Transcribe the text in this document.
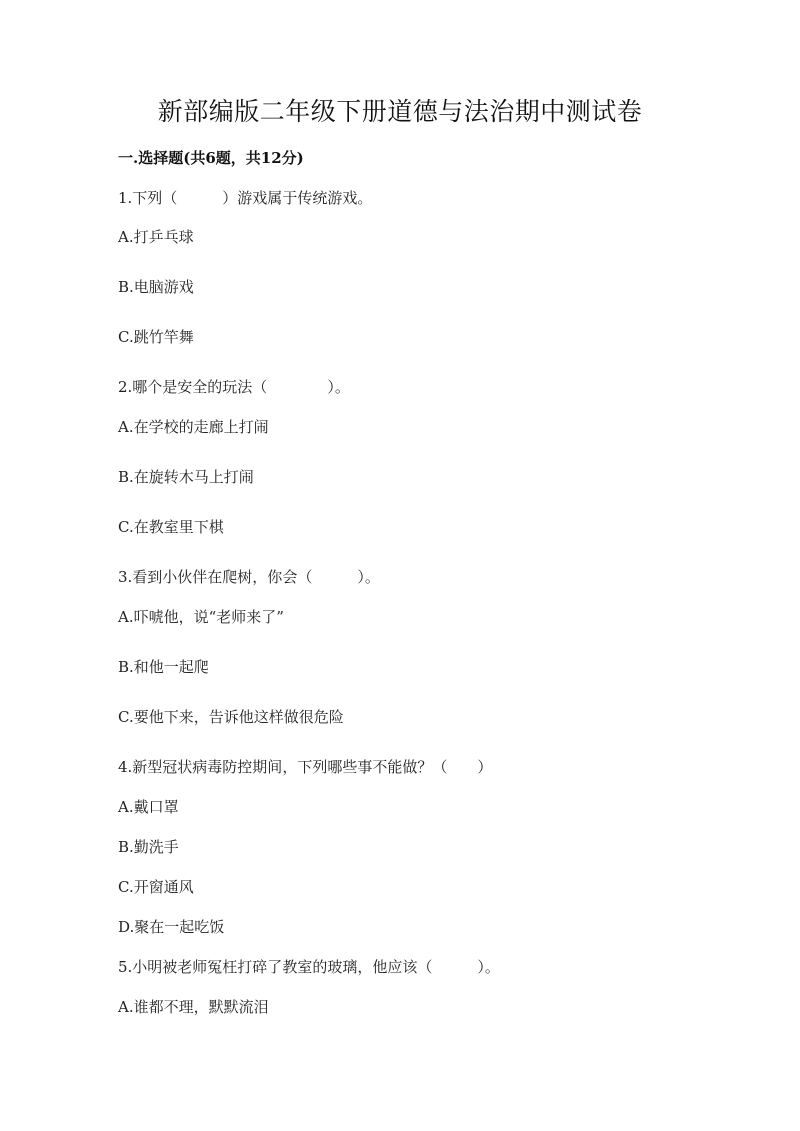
新部编版二年级下册道德与法治期中测试卷
一.选择题(共6题，共12分)
1.下列（　　　）游戏属于传统游戏。
A.打乒乓球
B.电脑游戏
C.跳竹竿舞
2.哪个是安全的玩法（　　　　）。
A.在学校的走廊上打闹
B.在旋转木马上打闹
C.在教室里下棋
3.看到小伙伴在爬树，你会（　　　）。
A.吓唬他，说“老师来了”
B.和他一起爬
C.要他下来，告诉他这样做很危险
4.新型冠状病毒防控期间，下列哪些事不能做？（　　）
A.戴口罩
B.勤洗手
C.开窗通风
D.聚在一起吃饭
5.小明被老师冤枉打碎了教室的玻璃，他应该（　　　）。
A.谁都不理，默默流泪
